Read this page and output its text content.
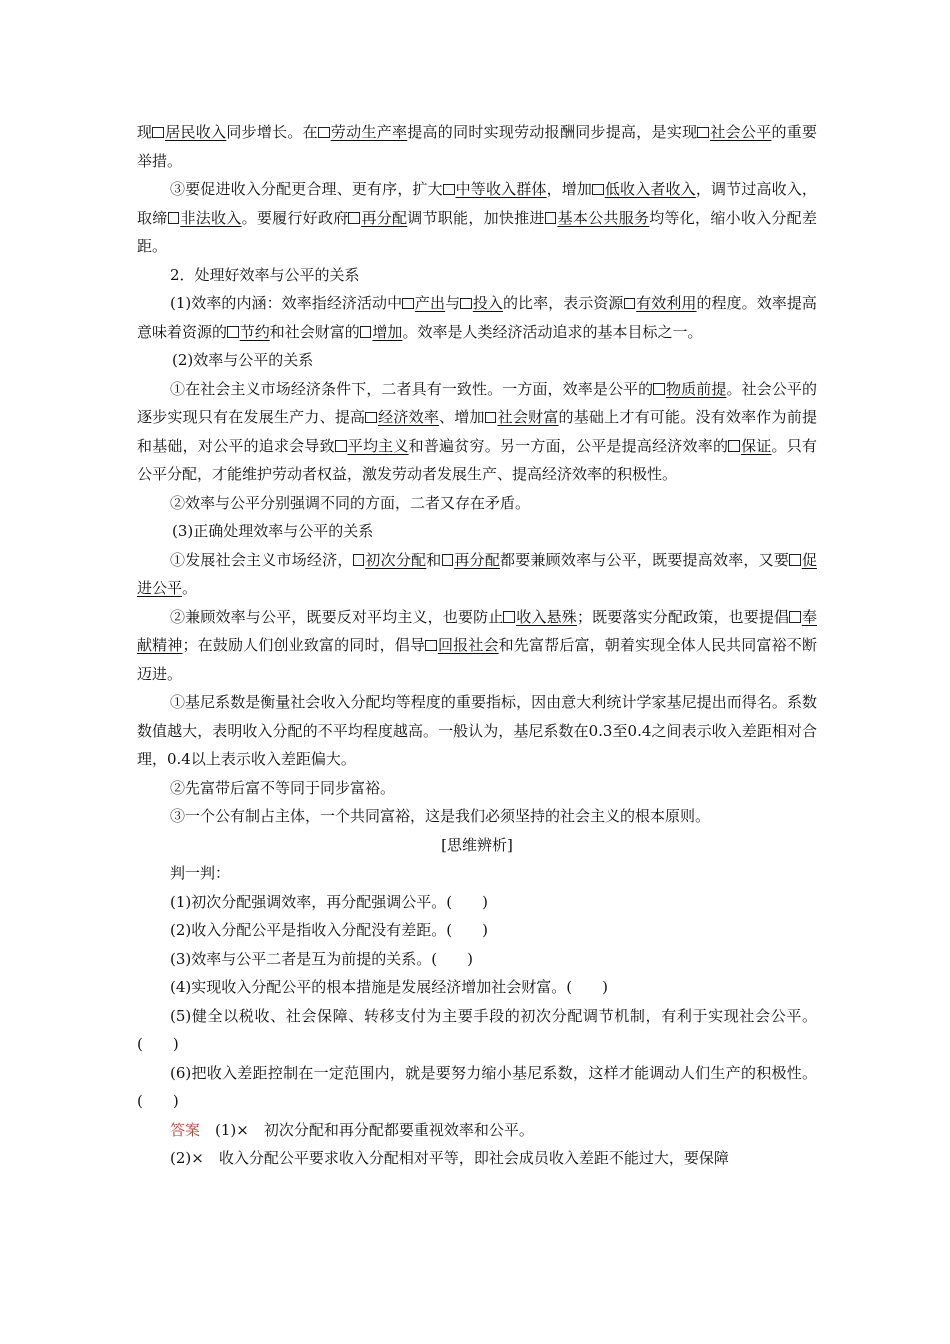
现 居民收入同步增长。在 劳动生产率提高的同时实现劳动报酬同步提高，是实现 社会公平的重要举措。

③要促进收入分配更合理、更有序，扩大 中等收入群体，增加 低收入者收入，调节过高收入，取缔 非法收入。要履行好政府 再分配调节职能，加快推进 基本公共服务均等化，缩小收入分配差距。

2．处理好效率与公平的关系

(1)效率的内涵：效率指经济活动中 产出与 投入的比率，表示资源 有效利用的程度。效率提高意味着资源的 节约和社会财富的 增加。效率是人类经济活动追求的基本目标之一。

(2)效率与公平的关系

①在社会主义市场经济条件下，二者具有一致性。一方面，效率是公平的 物质前提。社会公平的逐步实现只有在发展生产力、提高 经济效率、增加 社会财富的基础上才有可能。没有效率作为前提和基础，对公平的追求会导致 平均主义和普遍贫穷。另一方面，公平是提高经济效率的 保证。只有公平分配，才能维护劳动者权益，激发劳动者发展生产、提高经济效率的积极性。

②效率与公平分别强调不同的方面，二者又存在矛盾。

(3)正确处理效率与公平的关系

①发展社会主义市场经济， 初次分配和 再分配都要兼顾效率与公平，既要提高效率，又要 促进公平。

②兼顾效率与公平，既要反对平均主义，也要防止 收入悬殊；既要落实分配政策，也要提倡 奉献精神；在鼓励人们创业致富的同时，倡导 回报社会和先富帮后富，朝着实现全体人民共同富裕不断迈进。

①基尼系数是衡量社会收入分配均等程度的重要指标，因由意大利统计学家基尼提出而得名。系数数值越大，表明收入分配的不平均程度越高。一般认为，基尼系数在0.3至0.4之间表示收入差距相对合理，0.4以上表示收入差距偏大。

②先富带后富不等同于同步富裕。

③一个公有制占主体，一个共同富裕，这是我们必须坚持的社会主义的根本原则。

[思维辨析]

判一判：

(1)初次分配强调效率，再分配强调公平。(　　)

(2)收入分配公平是指收入分配没有差距。(　　)

(3)效率与公平二者是互为前提的关系。(　　)

(4)实现收入分配公平的根本措施是发展经济增加社会财富。(　　)

(5)健全以税收、社会保障、转移支付为主要手段的初次分配调节机制，有利于实现社会公平。(　　)

(6)把收入差距控制在一定范围内，就是要努力缩小基尼系数，这样才能调动人们生产的积极性。(　　)

答案　(1)×　初次分配和再分配都要重视效率和公平。

(2)×　收入分配公平要求收入分配相对平等，即社会成员收入差距不能过大，要保障
